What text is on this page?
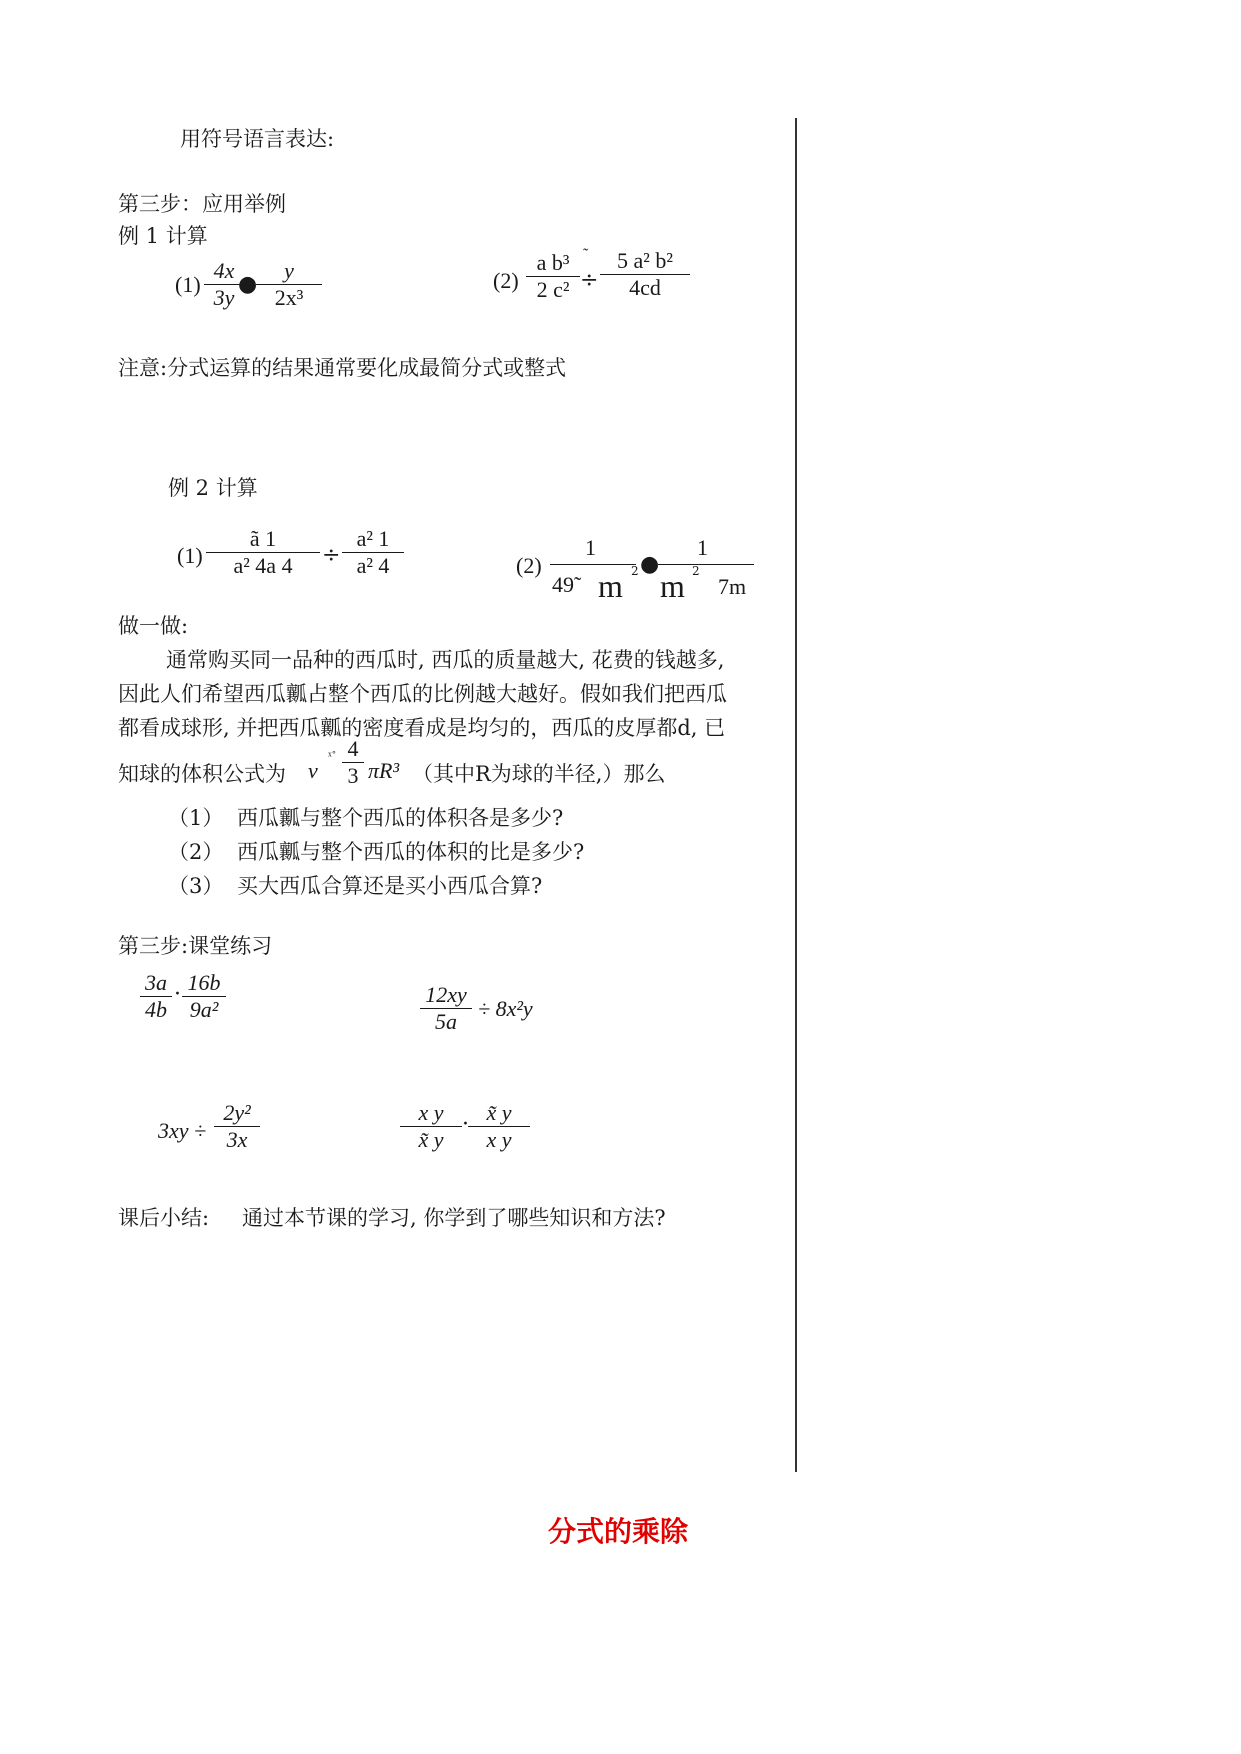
用符号语言表达:
第三步：应用举例
例 1 计算
(1)
4x
3y
●
y
2x³
(2)
a b³
2 c²
˜
÷
5 a² b²
4cd
注意:分式运算的结果通常要化成最简分式或整式
例 2 计算
(1)
ã 1
a² 4a 4	÷
a² 1
a² 4	(2)
1
49̃ m 2 ●
1
m 2
7m
做一做:
通常购买同一品种的西瓜时, 西瓜的质量越大, 花费的钱越多,
因此人们希望西瓜瓤占整个西瓜的比例越大越好。假如我们把西瓜
都看成球形, 并把西瓜瓤的密度看成是均匀的，西瓜的皮厚都d, 已
知球的体积公式为 v
ˣ˚ 4
3 πR³ （其中R为球的半径,）那么
（1） 西瓜瓤与整个西瓜的体积各是多少?
（2） 西瓜瓤与整个西瓜的体积的比是多少?
（3） 买大西瓜合算还是买小西瓜合算?
第三步:课堂练习
3a
4b
· 16b
9a²
12xy
5a
÷ 8x²y
3xy ÷
2y²
3x
x y
x̃ y
· x̃ y
x y
课后小结: 通过本节课的学习, 你学到了哪些知识和方法?
分式的乘除
